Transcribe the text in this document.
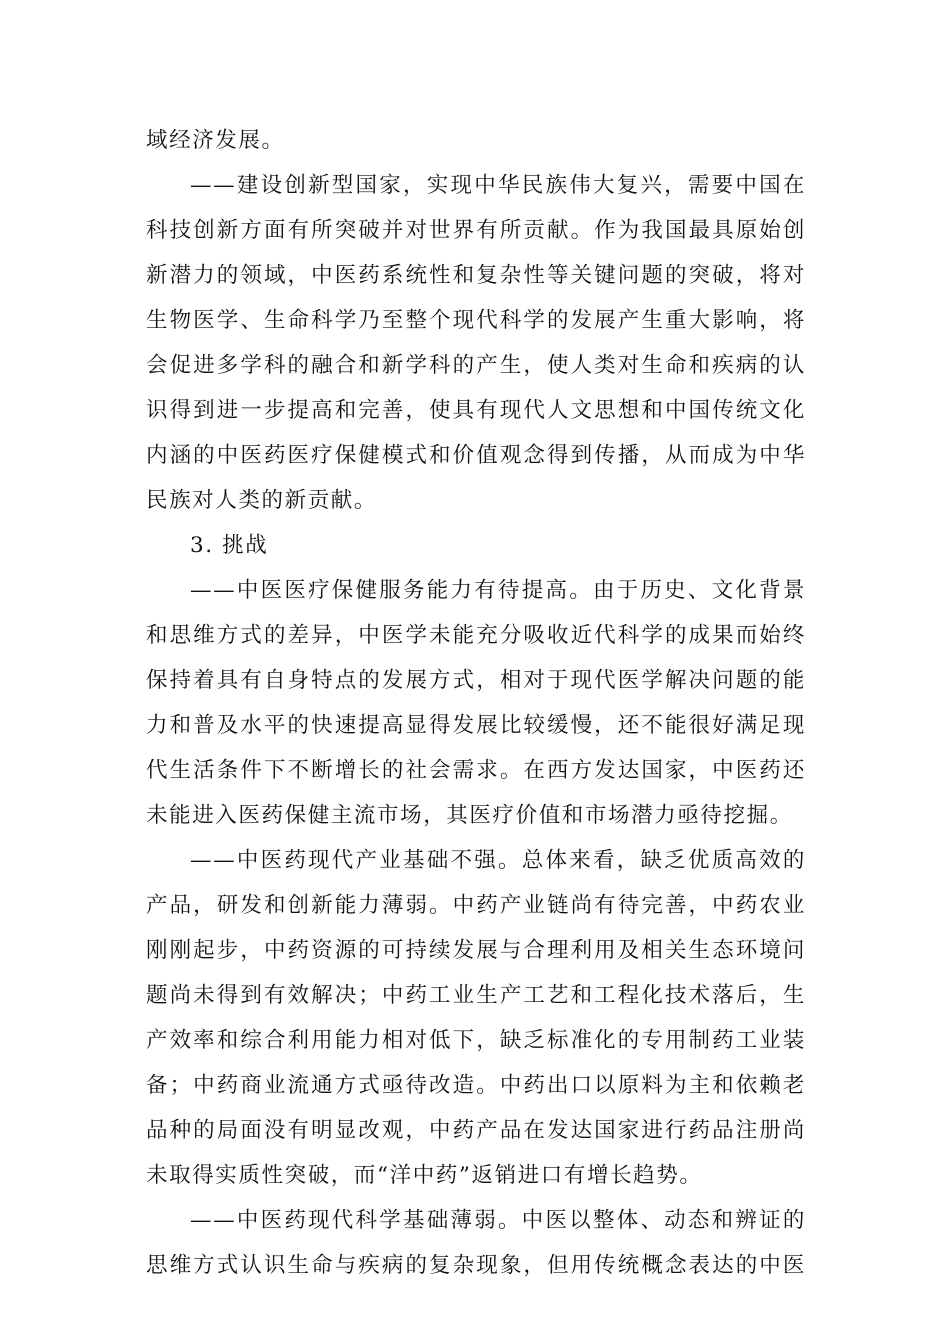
域经济发展。
——建设创新型国家，实现中华民族伟大复兴，需要中国在
科技创新方面有所突破并对世界有所贡献。作为我国最具原始创
新潜力的领域，中医药系统性和复杂性等关键问题的突破，将对
生物医学、生命科学乃至整个现代科学的发展产生重大影响，将
会促进多学科的融合和新学科的产生，使人类对生命和疾病的认
识得到进一步提高和完善，使具有现代人文思想和中国传统文化
内涵的中医药医疗保健模式和价值观念得到传播，从而成为中华
民族对人类的新贡献。
3. 挑战
——中医医疗保健服务能力有待提高。由于历史、文化背景
和思维方式的差异，中医学未能充分吸收近代科学的成果而始终
保持着具有自身特点的发展方式，相对于现代医学解决问题的能
力和普及水平的快速提高显得发展比较缓慢，还不能很好满足现
代生活条件下不断增长的社会需求。在西方发达国家，中医药还
未能进入医药保健主流市场，其医疗价值和市场潜力亟待挖掘。
——中医药现代产业基础不强。总体来看，缺乏优质高效的
产品，研发和创新能力薄弱。中药产业链尚有待完善，中药农业
刚刚起步，中药资源的可持续发展与合理利用及相关生态环境问
题尚未得到有效解决；中药工业生产工艺和工程化技术落后，生
产效率和综合利用能力相对低下，缺乏标准化的专用制药工业装
备；中药商业流通方式亟待改造。中药出口以原料为主和依赖老
品种的局面没有明显改观，中药产品在发达国家进行药品注册尚
未取得实质性突破，而“洋中药”返销进口有增长趋势。
——中医药现代科学基础薄弱。中医以整体、动态和辨证的
思维方式认识生命与疾病的复杂现象，但用传统概念表达的中医
